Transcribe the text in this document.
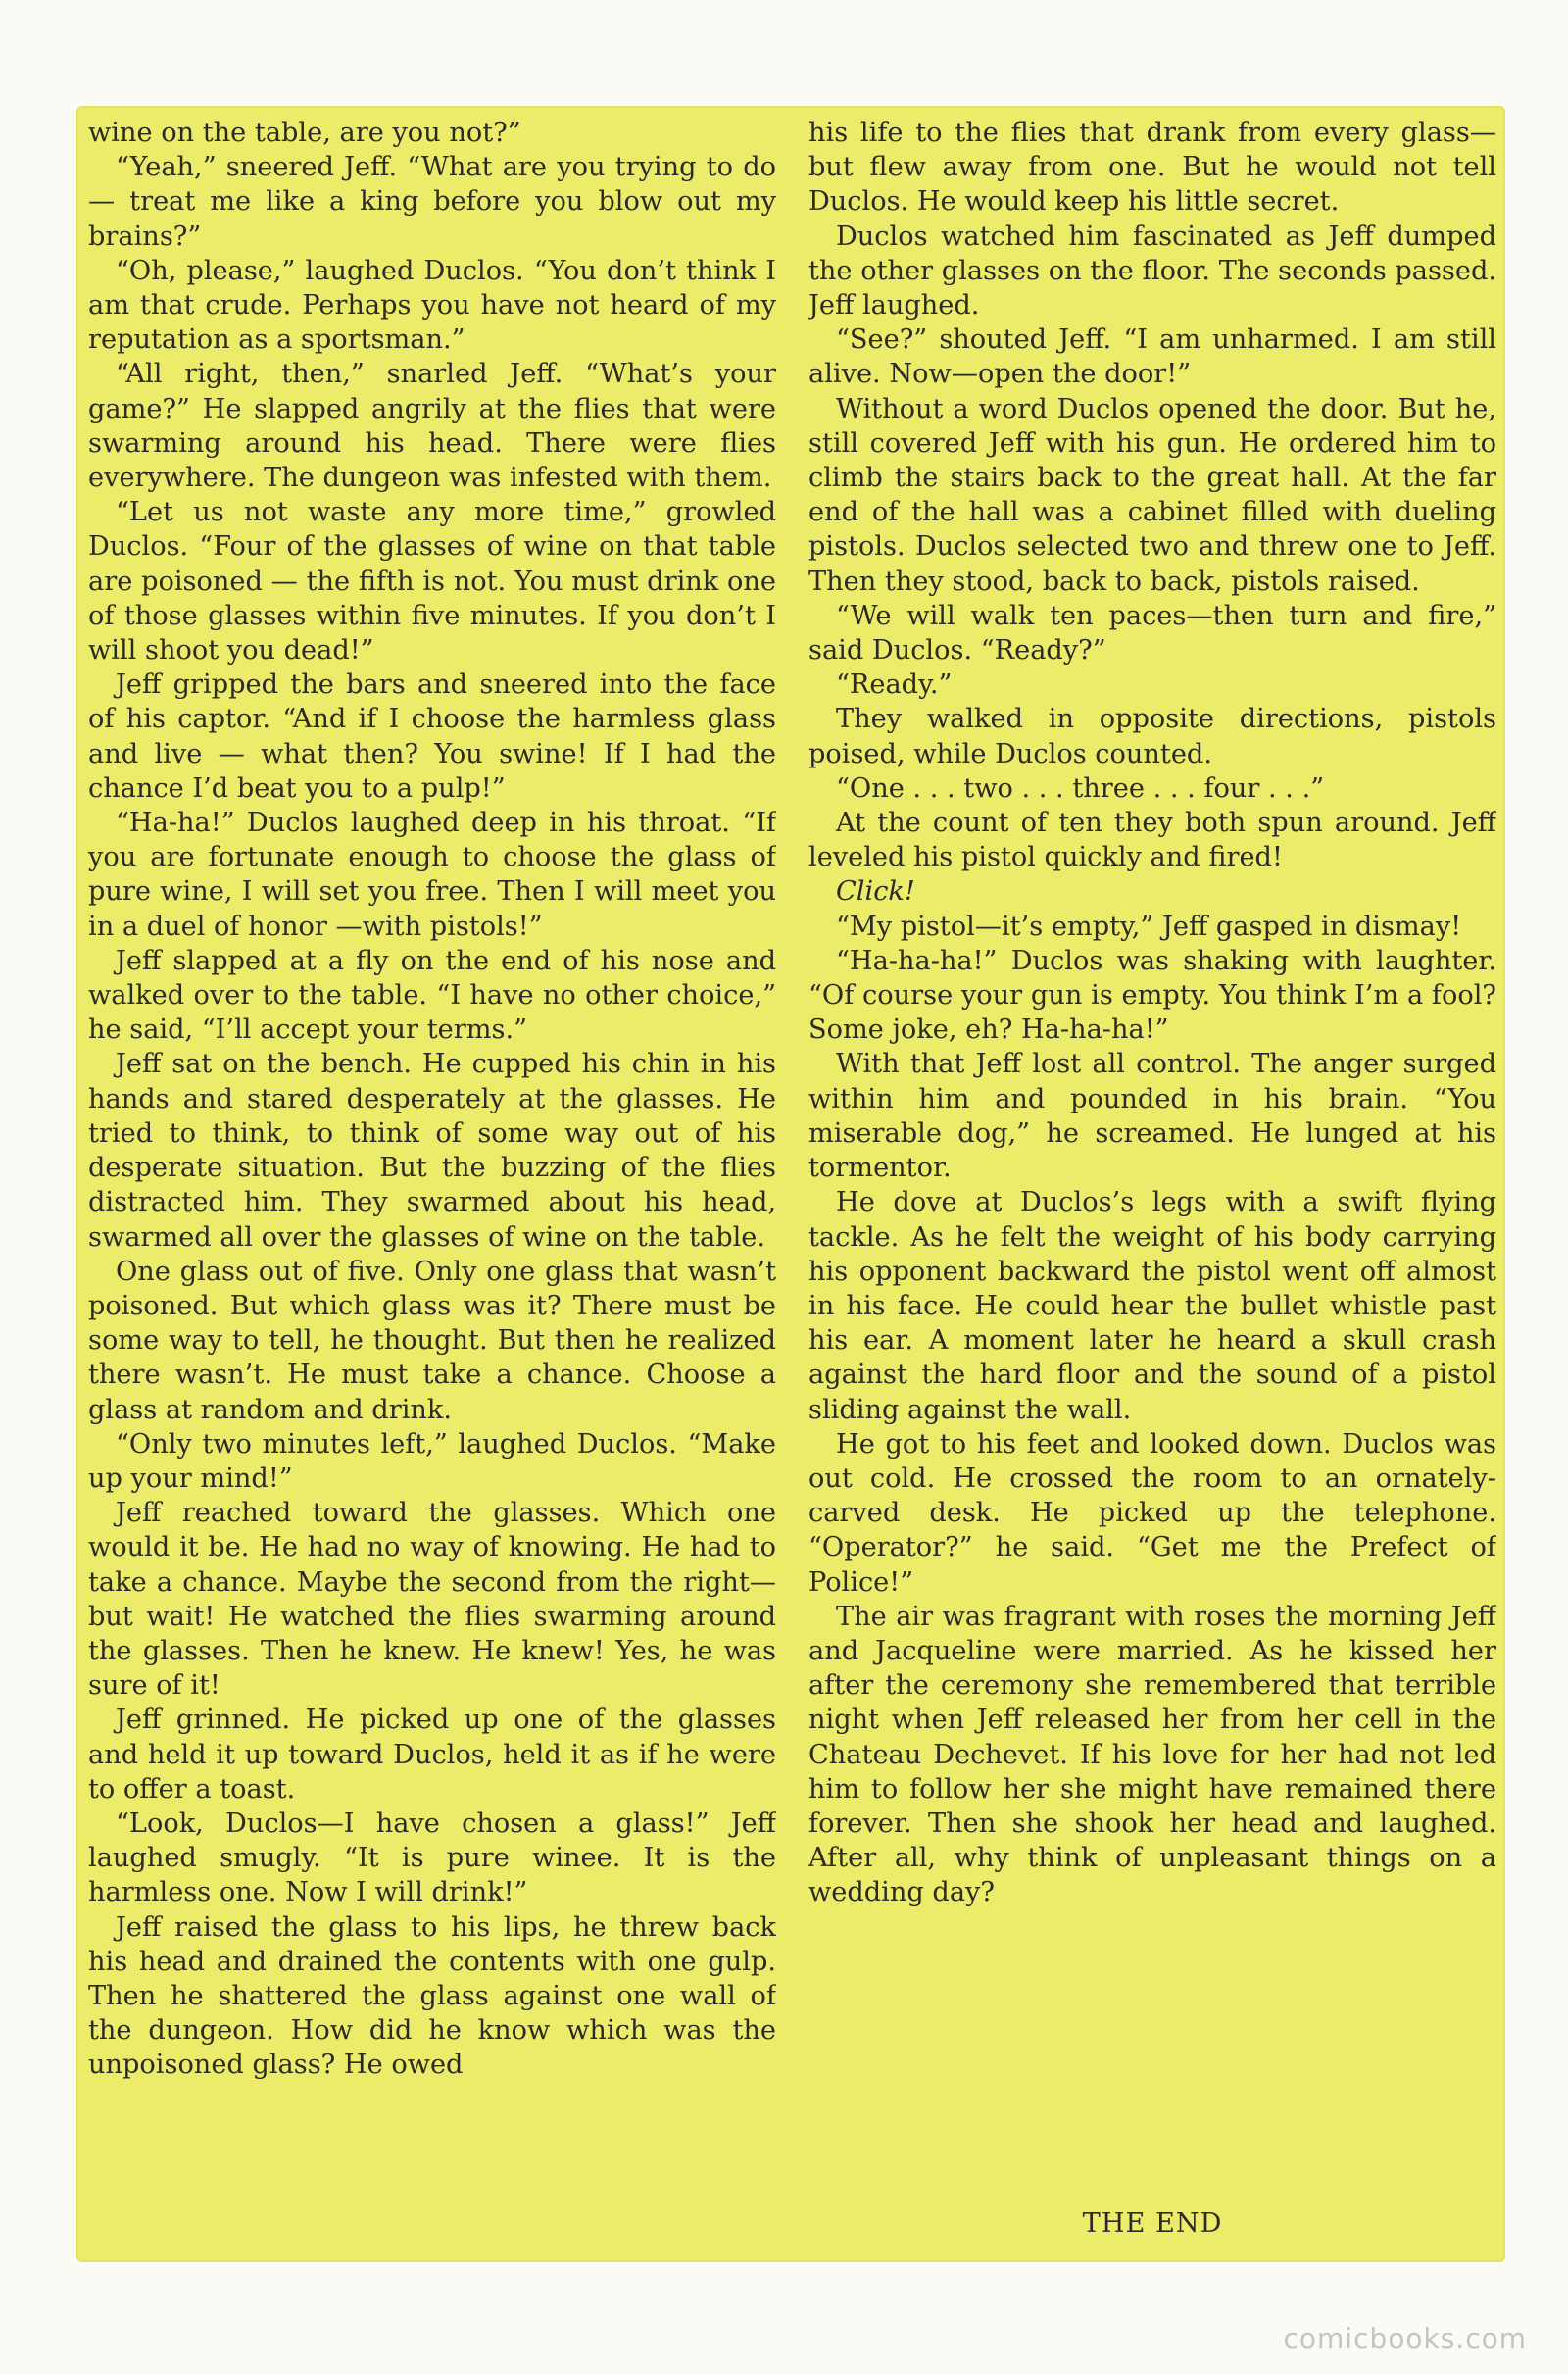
wine on the table, are you not?”

“Yeah,” sneered Jeff. “What are you trying to do — treat me like a king before you blow out my brains?”

“Oh, please,” laughed Duclos. “You don’t think I am that crude. Perhaps you have not heard of my reputation as a sportsman.”

“All right, then,” snarled Jeff. “What’s your game?” He slapped angrily at the flies that were swarming around his head. There were flies everywhere. The dungeon was infested with them.

“Let us not waste any more time,” growled Duclos. “Four of the glasses of wine on that table are poisoned — the fifth is not. You must drink one of those glasses within five minutes. If you don’t I will shoot you dead!”

Jeff gripped the bars and sneered into the face of his captor. “And if I choose the harmless glass and live — what then? You swine! If I had the chance I’d beat you to a pulp!”

“Ha-ha!” Duclos laughed deep in his throat. “If you are fortunate enough to choose the glass of pure wine, I will set you free. Then I will meet you in a duel of honor —with pistols!”

Jeff slapped at a fly on the end of his nose and walked over to the table. “I have no other choice,” he said, “I’ll accept your terms.”

Jeff sat on the bench. He cupped his chin in his hands and stared desperately at the glasses. He tried to think, to think of some way out of his desperate situation. But the buzzing of the flies distracted him. They swarmed about his head, swarmed all over the glasses of wine on the table.

One glass out of five. Only one glass that wasn’t poisoned. But which glass was it? There must be some way to tell, he thought. But then he realized there wasn’t. He must take a chance. Choose a glass at random and drink.

“Only two minutes left,” laughed Duclos. “Make up your mind!”

Jeff reached toward the glasses. Which one would it be. He had no way of knowing. He had to take a chance. Maybe the second from the right—but wait! He watched the flies swarming around the glasses. Then he knew. He knew! Yes, he was sure of it!

Jeff grinned. He picked up one of the glasses and held it up toward Duclos, held it as if he were to offer a toast.

“Look, Duclos—I have chosen a glass!” Jeff laughed smugly. “It is pure winee. It is the harmless one. Now I will drink!”

Jeff raised the glass to his lips, he threw back his head and drained the contents with one gulp. Then he shattered the glass against one wall of the dungeon. How did he know which was the unpoisoned glass? He owed

his life to the flies that drank from every glass—but flew away from one. But he would not tell Duclos. He would keep his little secret.

Duclos watched him fascinated as Jeff dumped the other glasses on the floor. The seconds passed. Jeff laughed.

“See?” shouted Jeff. “I am unharmed. I am still alive. Now—open the door!”

Without a word Duclos opened the door. But he, still covered Jeff with his gun. He ordered him to climb the stairs back to the great hall. At the far end of the hall was a cabinet filled with dueling pistols. Duclos selected two and threw one to Jeff. Then they stood, back to back, pistols raised.

“We will walk ten paces—then turn and fire,” said Duclos. “Ready?”

“Ready.”

They walked in opposite directions, pistols poised, while Duclos counted.

“One . . . two . . . three . . . four . . .”

At the count of ten they both spun around. Jeff leveled his pistol quickly and fired!

Click!

“My pistol—it’s empty,” Jeff gasped in dismay!

“Ha-ha-ha!” Duclos was shaking with laughter. “Of course your gun is empty. You think I’m a fool? Some joke, eh? Ha-ha-ha!”

With that Jeff lost all control. The anger surged within him and pounded in his brain. “You miserable dog,” he screamed. He lunged at his tormentor.

He dove at Duclos’s legs with a swift flying tackle. As he felt the weight of his body carrying his opponent backward the pistol went off almost in his face. He could hear the bullet whistle past his ear. A moment later he heard a skull crash against the hard floor and the sound of a pistol sliding against the wall.

He got to his feet and looked down. Duclos was out cold. He crossed the room to an ornately-carved desk. He picked up the telephone. “Operator?” he said. “Get me the Prefect of Police!”

The air was fragrant with roses the morning Jeff and Jacqueline were married. As he kissed her after the ceremony she remembered that terrible night when Jeff released her from her cell in the Chateau Dechevet. If his love for her had not led him to follow her she might have remained there forever. Then she shook her head and laughed. After all, why think of unpleasant things on a wedding day?

THE END
comicbooks.com
